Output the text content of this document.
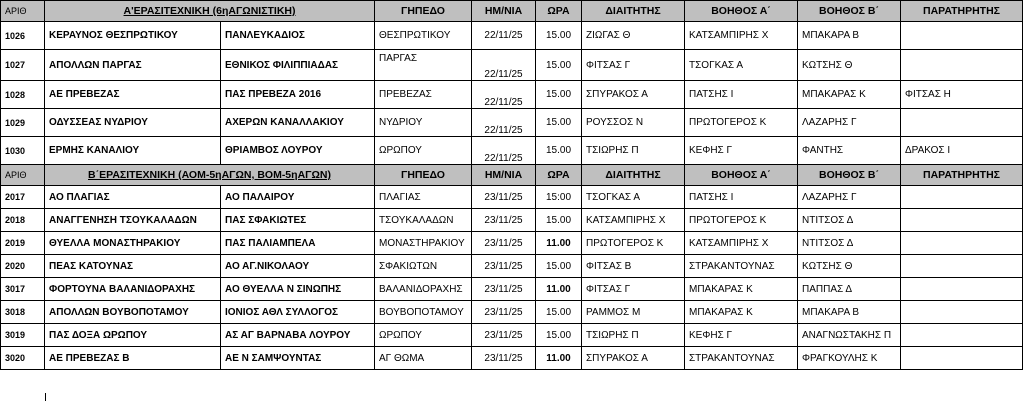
ΑΡΙΘ	Α'ΕΡΑΣΙΤΕΧΝΙΚΗ (6ηΑΓΩΝΙΣΤΙΚΗ)		ΓΗΠΕΔΟ	ΗΜ/ΝΙΑ	ΩΡΑ	ΔΙΑΙΤΗΤΗΣ	ΒΟΗΘΟΣ Α΄	ΒΟΗΘΟΣ Β΄	ΠΑΡΑΤΗΡΗΤΗΣ
1026	ΚΕΡΑΥΝΟΣ ΘΕΣΠΡΩΤΙΚΟΥ	ΠΑΝΛΕΥΚΑΔΙΟΣ	ΘΕΣΠΡΩΤΙΚΟΥ	22/11/25	15.00	ΖΙΩΓΑΣ Θ	ΚΑΤΣΑΜΠΙΡΗΣ Χ	ΜΠΑΚΑΡΑ Β	
1027	ΑΠΟΛΛΩΝ ΠΑΡΓΑΣ	ΕΘΝΙΚΟΣ ΦΙΛΙΠΠΙΑΔΑΣ	ΠΑΡΓΑΣ	22/11/25	15.00	ΦΙΤΣΑΣ Γ	ΤΣΟΓΚΑΣ Α	ΚΩΤΣΗΣ Θ	
1028	ΑΕ ΠΡΕΒΕΖΑΣ	ΠΑΣ ΠΡΕΒΕΖΑ 2016	ΠΡΕΒΕΖΑΣ	22/11/25	15.00	ΣΠΥΡΑΚΟΣ Α	ΠΑΤΣΗΣ Ι	ΜΠΑΚΑΡΑΣ Κ	ΦΙΤΣΑΣ Η
1029	ΟΔΥΣΣΕΑΣ ΝΥΔΡΙΟΥ	ΑΧΕΡΩΝ ΚΑΝΑΛΛΑΚΙΟΥ	ΝΥΔΡΙΟΥ	22/11/25	15.00	ΡΟΥΣΣΟΣ Ν	ΠΡΩΤΟΓΕΡΟΣ Κ	ΛΑΖΑΡΗΣ Γ	
1030	ΕΡΜΗΣ ΚΑΝΑΛΙΟΥ	ΘΡΙΑΜΒΟΣ ΛΟΥΡΟΥ	ΩΡΩΠΟΥ	22/11/25	15.00	ΤΣΙΩΡΗΣ Π	ΚΕΦΗΣ Γ	ΦΑΝΤΗΣ	ΔΡΑΚΟΣ Ι
ΑΡΙΘ	Β΄ΕΡΑΣΙΤΕΧΝΙΚΗ (ΑΟΜ-5ηΑΓΩΝ, ΒΟΜ-5ηΑΓΩΝ)		ΓΗΠΕΔΟ	ΗΜ/ΝΙΑ	ΩΡΑ	ΔΙΑΙΤΗΤΗΣ	ΒΟΗΘΟΣ Α΄	ΒΟΗΘΟΣ Β΄	ΠΑΡΑΤΗΡΗΤΗΣ
2017	ΑΟ ΠΛΑΓΙΑΣ	ΑΟ ΠΑΛΑΙΡΟΥ	ΠΛΑΓΙΑΣ	23/11/25	15:00	ΤΣΟΓΚΑΣ Α	ΠΑΤΣΗΣ Ι	ΛΑΖΑΡΗΣ Γ	
2018	ΑΝΑΓΓΕΝΗΣΗ ΤΣΟΥΚΑΛΑΔΩΝ	ΠΑΣ ΣΦΑΚΙΩΤΕΣ	ΤΣΟΥΚΑΛΑΔΩΝ	23/11/25	15.00	ΚΑΤΣΑΜΠΙΡΗΣ Χ	ΠΡΩΤΟΓΕΡΟΣ Κ	ΝΤΙΤΣΟΣ Δ	
2019	ΘΥΕΛΛΑ ΜΟΝΑΣΤΗΡΑΚΙΟΥ	ΠΑΣ ΠΑΛΙΑΜΠΕΛΑ	ΜΟΝΑΣΤΗΡΑΚΙΟΥ	23/11/25	11.00	ΠΡΩΤΟΓΕΡΟΣ Κ	ΚΑΤΣΑΜΠΙΡΗΣ Χ	ΝΤΙΤΣΟΣ Δ	
2020	ΠΕΑΣ ΚΑΤΟΥΝΑΣ	ΑΟ ΑΓ.ΝΙΚΟΛΑΟΥ	ΣΦΑΚΙΩΤΩΝ	23/11/25	15.00	ΦΙΤΣΑΣ Β	ΣΤΡΑΚΑΝΤΟΥΝΑΣ	ΚΩΤΣΗΣ Θ	
3017	ΦΟΡΤΟΥΝΑ ΒΑΛΑΝΙΔΟΡΑΧΗΣ	ΑΟ ΘΥΕΛΛΑ Ν ΣΙΝΩΠΗΣ	ΒΑΛΑΝΙΔΟΡΑΧΗΣ	23/11/25	11.00	ΦΙΤΣΑΣ Γ	ΜΠΑΚΑΡΑΣ Κ	ΠΑΠΠΑΣ Δ	
3018	ΑΠΟΛΛΩΝ ΒΟΥΒΟΠΟΤΑΜΟΥ	ΙΟΝΙΟΣ ΑΘΛ ΣΥΛΛΟΓΟΣ	ΒΟΥΒΟΠΟΤΑΜΟΥ	23/11/25	15.00	ΡΑΜΜΟΣ Μ	ΜΠΑΚΑΡΑΣ Κ	ΜΠΑΚΑΡΑ Β	
3019	ΠΑΣ ΔΟΞΑ ΩΡΩΠΟΥ	ΑΣ ΑΓ ΒΑΡΝΑΒΑ ΛΟΥΡΟΥ	ΩΡΩΠΟΥ	23/11/25	15.00	ΤΣΙΩΡΗΣ Π	ΚΕΦΗΣ Γ	ΑΝΑΓΝΩΣΤΑΚΗΣ Π	
3020	ΑΕ ΠΡΕΒΕΖΑΣ Β	ΑΕ Ν ΣΑΜΨΟΥΝΤΑΣ	ΑΓ ΘΩΜΑ	23/11/25	11.00	ΣΠΥΡΑΚΟΣ Α	ΣΤΡΑΚΑΝΤΟΥΝΑΣ	ΦΡΑΓΚΟΥΛΗΣ Κ	
